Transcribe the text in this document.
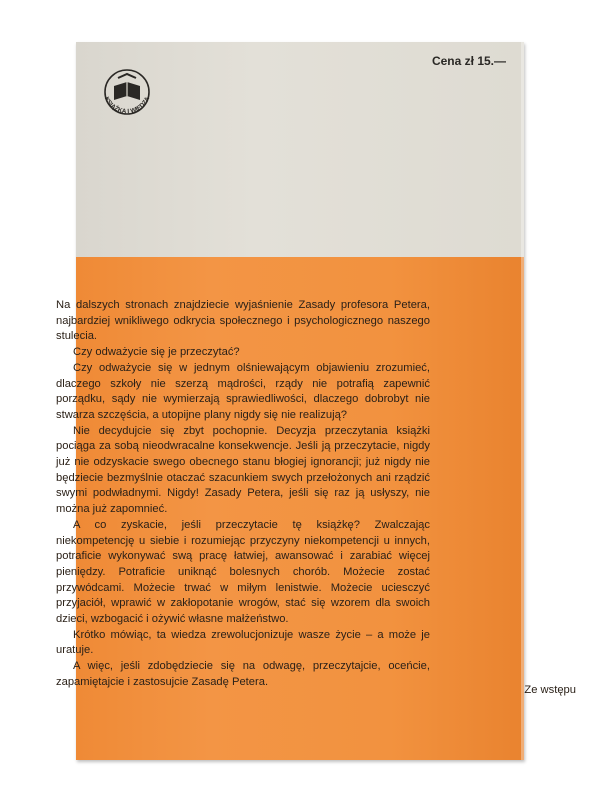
KSIĄŻKA I WIEDZA
Cena zł 15.—

Na dalszych stronach znajdziecie wyjaśnienie Zasady profesora Petera, najbardziej wnikliwego odkrycia społecznego i psychologicznego naszego stulecia.

Czy odważycie się je przeczytać?

Czy odważycie się w jednym olśniewającym objawieniu zrozumieć, dlaczego szkoły nie szerzą mądrości, rządy nie potrafią zapewnić porządku, sądy nie wymierzają sprawiedliwości, dlaczego dobrobyt nie stwarza szczęścia, a utopijne plany nigdy się nie realizują?

Nie decydujcie się zbyt pochopnie. Decyzja przeczytania książki pociąga za sobą nieodwracalne konsekwencje. Jeśli ją przeczytacie, nigdy już nie odzyskacie swego obecnego stanu błogiej ignorancji; już nigdy nie będziecie bezmyślnie otaczać szacunkiem swych przełożonych ani rządzić swymi podwładnymi. Nigdy! Zasady Petera, jeśli się raz ją usłyszy, nie można już zapomnieć.

A co zyskacie, jeśli przeczytacie tę książkę? Zwalczając niekompetencję u siebie i rozumiejąc przyczyny niekompetencji u innych, potraficie wykonywać swą pracę łatwiej, awansować i zarabiać więcej pieniędzy. Potraficie uniknąć bolesnych chorób. Możecie zostać przywódcami. Możecie trwać w miłym lenistwie. Możecie uciesczyć przyjaciół, wprawić w zakłopotanie wrogów, stać się wzorem dla swoich dzieci, wzbogacić i ożywić własne małżeństwo.

Krótko mówiąc, ta wiedza zrewolucjonizuje wasze życie – a może je uratuje.

A więc, jeśli zdobędziecie się na odwagę, przeczytajcie, oceńcie, zapamiętajcie i zastosujcie Zasadę Petera.

Ze wstępu
